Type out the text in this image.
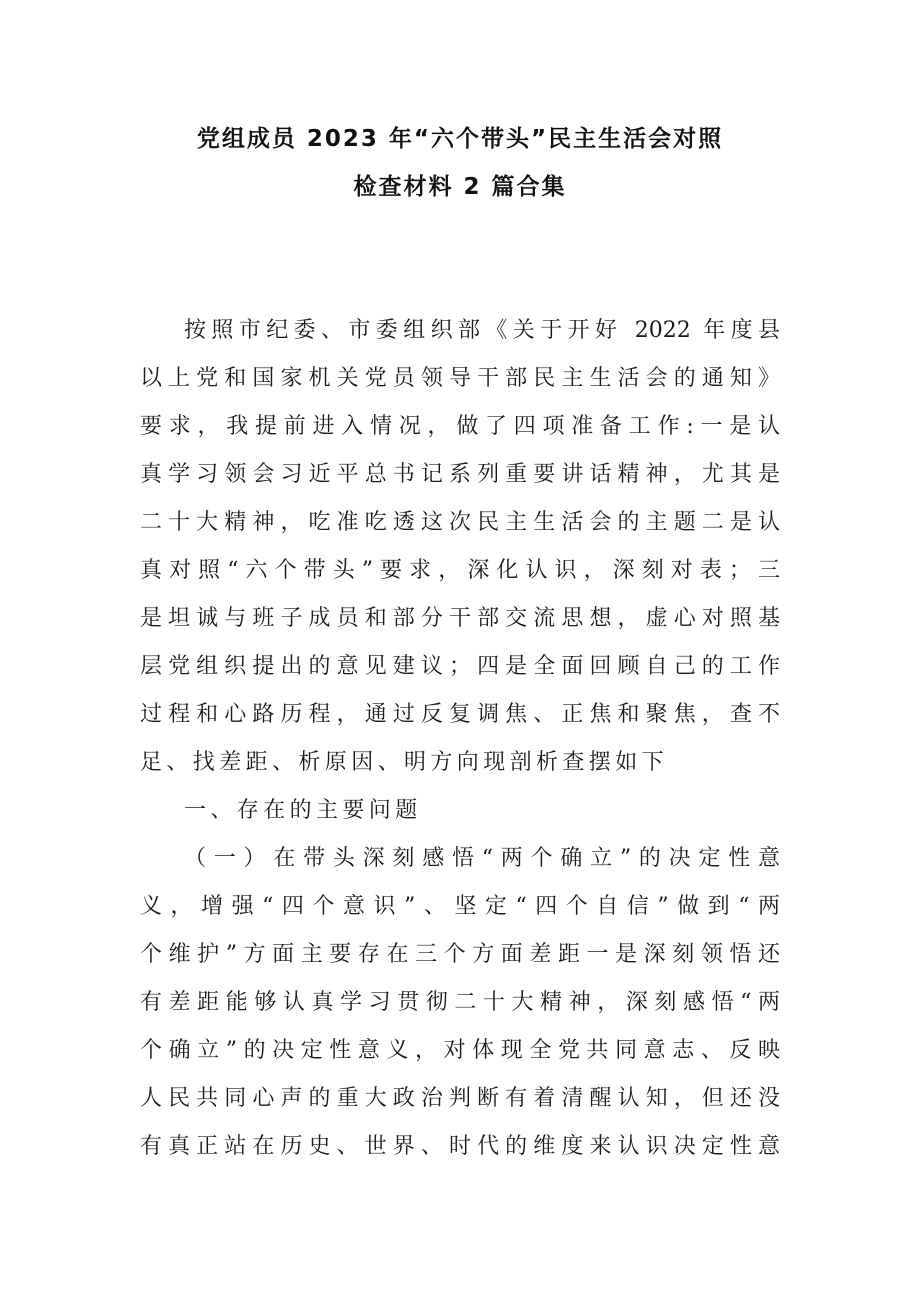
党组成员 2023 年“六个带头”民主生活会对照
检查材料 2 篇合集
按照市纪委、市委组织部《关于开好 2022 年度县
以上党和国家机关党员领导干部民主生活会的通知》
要求，我提前进入情况，做了四项准备工作:一是认
真学习领会习近平总书记系列重要讲话精神，尤其是
二十大精神，吃准吃透这次民主生活会的主题二是认
真对照“六个带头”要求，深化认识，深刻对表；三
是坦诚与班子成员和部分干部交流思想，虚心对照基
层党组织提出的意见建议；四是全面回顾自己的工作
过程和心路历程，通过反复调焦、正焦和聚焦，查不
足、找差距、析原因、明方向现剖析查摆如下
一、存在的主要问题
（一）在带头深刻感悟“两个确立”的决定性意
义，增强“四个意识”、坚定“四个自信”做到“两
个维护”方面主要存在三个方面差距一是深刻领悟还
有差距能够认真学习贯彻二十大精神，深刻感悟“两
个确立”的决定性意义，对体现全党共同意志、反映
人民共同心声的重大政治判断有着清醒认知，但还没
有真正站在历史、世界、时代的维度来认识决定性意
